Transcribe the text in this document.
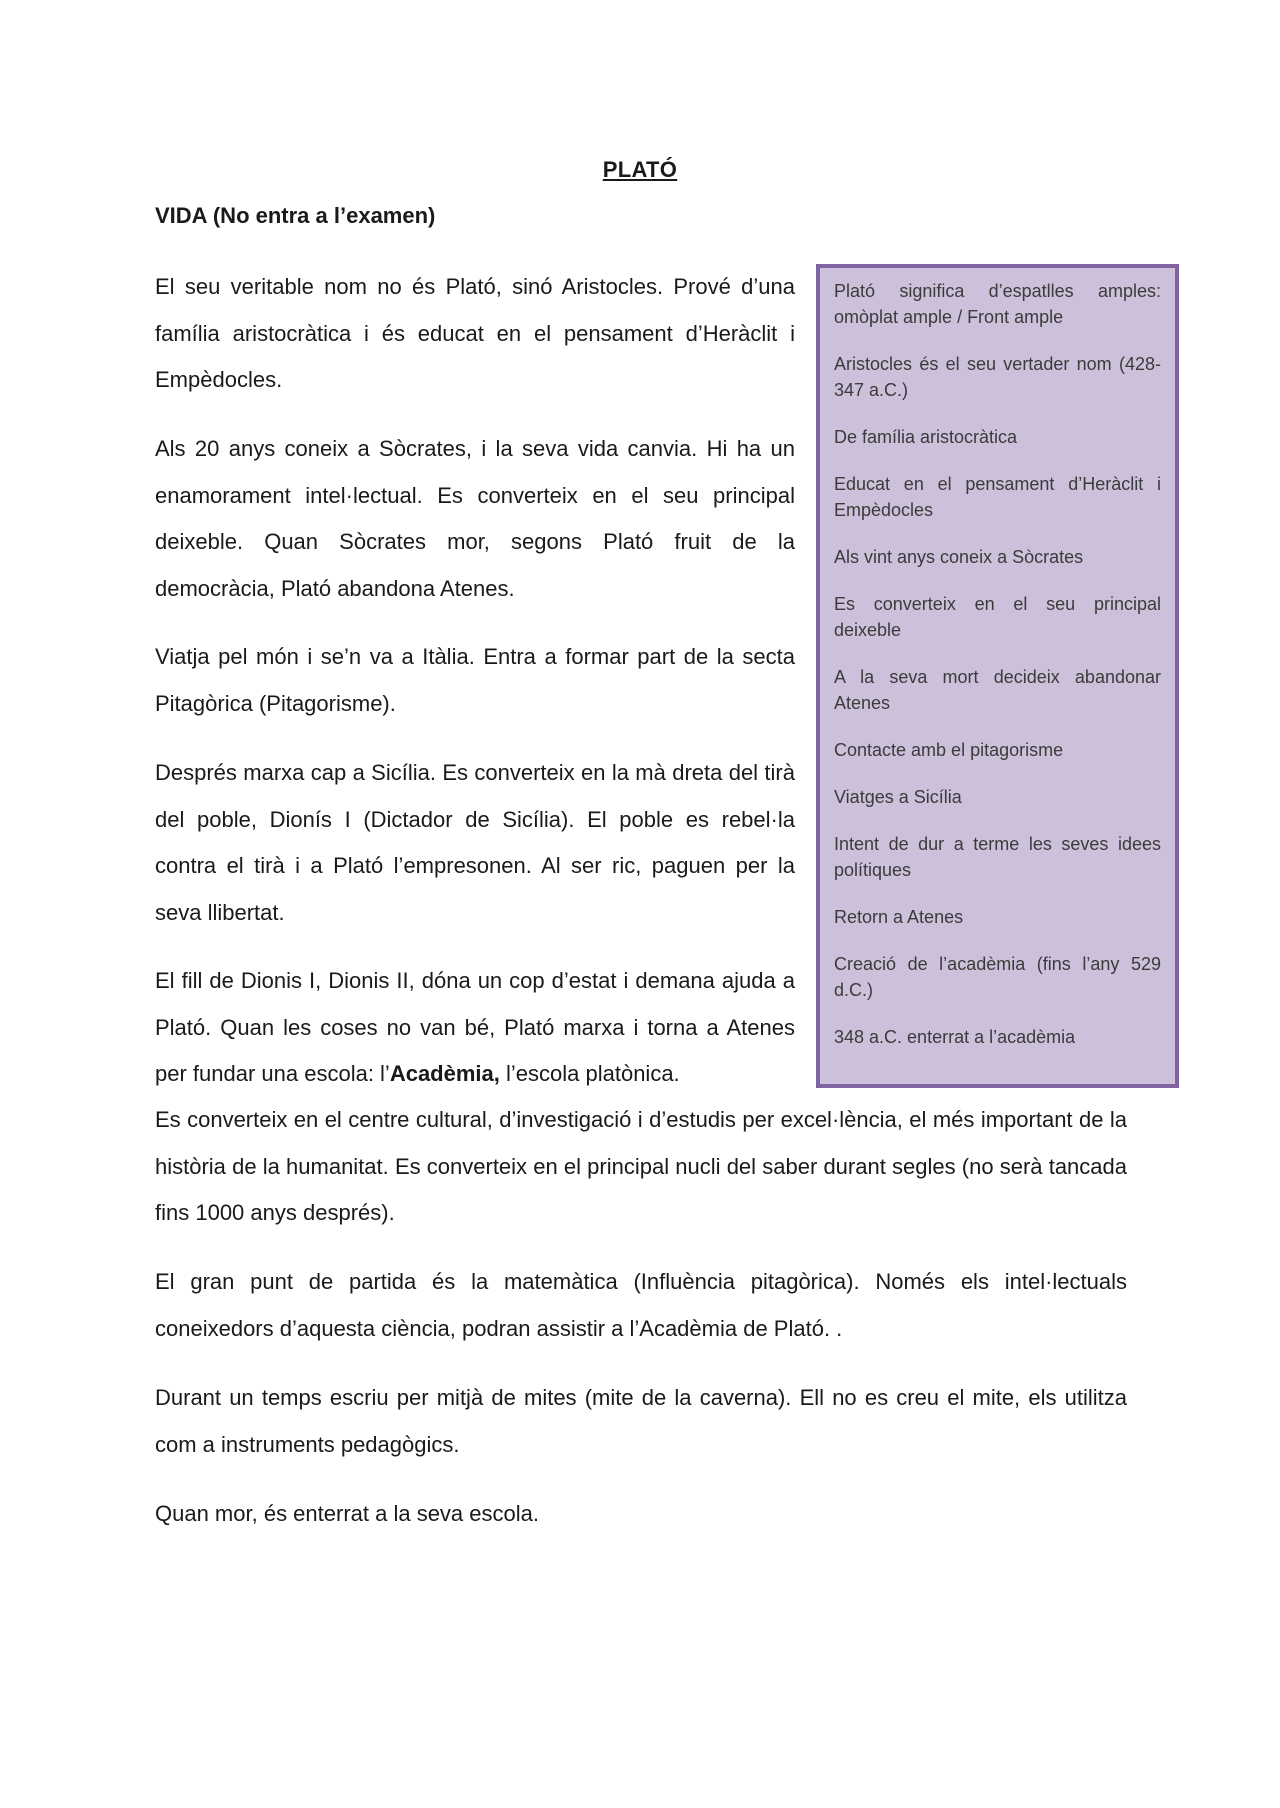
PLATÓ
VIDA (No entra a l’examen)

El seu veritable nom no és Plató, sinó Aristocles. Prové d’una família aristocràtica i és educat en el pensament d’Heràclit i Empèdocles.

Als 20 anys coneix a Sòcrates, i la seva vida canvia. Hi ha un enamorament intel·lectual. Es converteix en el seu principal deixeble. Quan Sòcrates mor, segons Plató fruit de la democràcia, Plató abandona Atenes.

Viatja pel món i se’n va a Itàlia. Entra a formar part de la secta Pitagòrica (Pitagorisme).

Després marxa cap a Sicília. Es converteix en la mà dreta del tirà del poble, Dionís I (Dictador de Sicília). El poble es rebel·la contra el tirà i a Plató l’empresonen. Al ser ric, paguen per la seva llibertat.

El fill de Dionis I, Dionis II, dóna un cop d’estat i demana ajuda a Plató. Quan les coses no van bé, Plató marxa i torna a Atenes per fundar una escola: l’Acadèmia, l’escola platònica.

Es converteix en el centre cultural, d’investigació i d’estudis per excel·lència, el més important de la història de la humanitat. Es converteix en el principal nucli del saber durant segles (no serà tancada fins 1000 anys després).

El gran punt de partida és la matemàtica (Influència pitagòrica). Només els intel·lectuals coneixedors d’aquesta ciència, podran assistir a l’Acadèmia de Plató. .

Durant un temps escriu per mitjà de mites (mite de la caverna). Ell no es creu el mite, els utilitza com a instruments pedagògics.

Quan mor, és enterrat a la seva escola.

Plató significa d’espatlles amples: omòplat ample / Front ample

Aristocles és el seu vertader nom (428-347 a.C.)

De família aristocràtica

Educat en el pensament d’Heràclit i Empèdocles

Als vint anys coneix a Sòcrates

Es converteix en el seu principal deixeble

A la seva mort decideix abandonar Atenes

Contacte amb el pitagorisme

Viatges a Sicília

Intent de dur a terme les seves idees polítiques

Retorn a Atenes

Creació de l’acadèmia (fins l’any 529 d.C.)

348 a.C. enterrat a l’acadèmia
